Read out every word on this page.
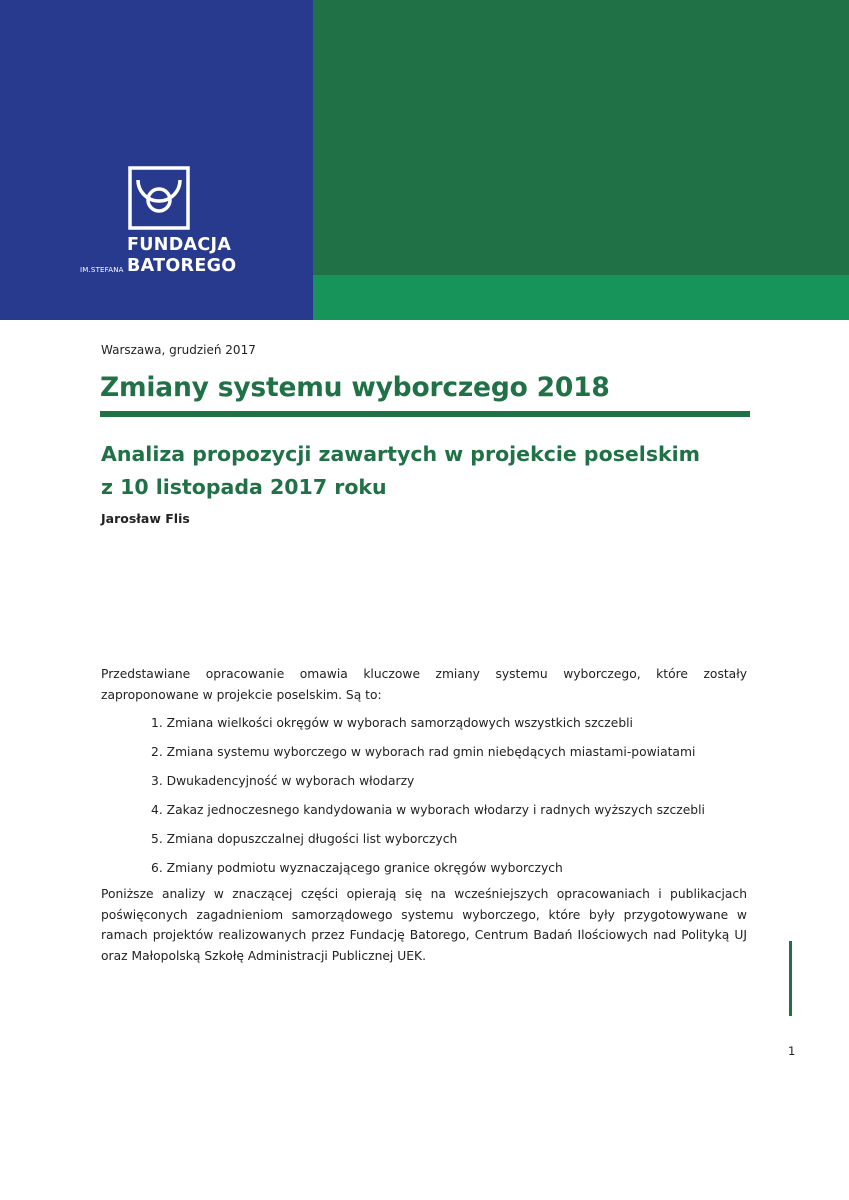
FUNDACJA
IM.STEFANA BATOREGO
Warszawa, grudzień 2017
Zmiany systemu wyborczego 2018
Analiza propozycji zawartych w projekcie poselskim
z 10 listopada 2017 roku
Jarosław Flis

Przedstawiane opracowanie omawia kluczowe zmiany systemu wyborczego, które zostały zaproponowane w projekcie poselskim. Są to:

1. Zmiana wielkości okręgów w wyborach samorządowych wszystkich szczebli
2. Zmiana systemu wyborczego w wyborach rad gmin niebędących miastami-powiatami
3. Dwukadencyjność w wyborach włodarzy
4. Zakaz jednoczesnego kandydowania w wyborach włodarzy i radnych wyższych szczebli
5. Zmiana dopuszczalnej długości list wyborczych
6. Zmiany podmiotu wyznaczającego granice okręgów wyborczych

Poniższe analizy w znaczącej części opierają się na wcześniejszych opracowaniach i publikacjach poświęconych zagadnieniom samorządowego systemu wyborczego, które były przygotowywane w ramach projektów realizowanych przez Fundację Batorego, Centrum Badań Ilościowych nad Polityką UJ oraz Małopolską Szkołę Administracji Publicznej UEK.

1
